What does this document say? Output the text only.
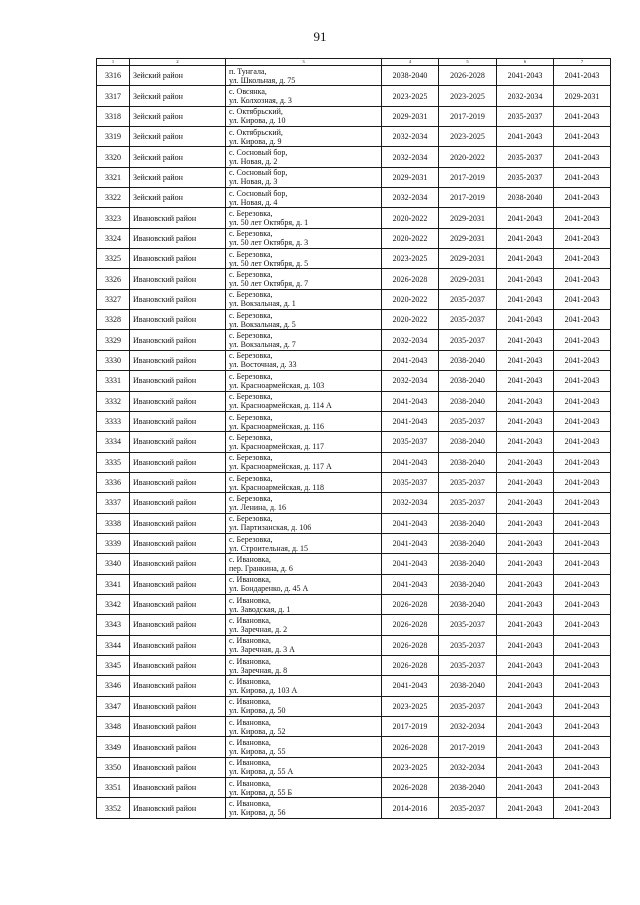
91
1	2	3	4	5	6	7
3316	Зейский район	п. Тунгала,
ул. Школьная, д. 75	2038-2040	2026-2028	2041-2043	2041-2043
3317	Зейский район	с. Овсянка,
ул. Колхозная, д. 3	2023-2025	2023-2025	2032-2034	2029-2031
3318	Зейский район	с. Октябрьский,
ул. Кирова, д. 10	2029-2031	2017-2019	2035-2037	2041-2043
3319	Зейский район	с. Октябрьский,
ул. Кирова, д. 9	2032-2034	2023-2025	2041-2043	2041-2043
3320	Зейский район	с. Сосновый бор,
ул. Новая, д. 2	2032-2034	2020-2022	2035-2037	2041-2043
3321	Зейский район	с. Сосновый бор,
ул. Новая, д. 3	2029-2031	2017-2019	2035-2037	2041-2043
3322	Зейский район	с. Сосновый бор,
ул. Новая, д. 4	2032-2034	2017-2019	2038-2040	2041-2043
3323	Ивановский район	с. Березовка,
ул. 50 лет Октября, д. 1	2020-2022	2029-2031	2041-2043	2041-2043
3324	Ивановский район	с. Березовка,
ул. 50 лет Октября, д. 3	2020-2022	2029-2031	2041-2043	2041-2043
3325	Ивановский район	с. Березовка,
ул. 50 лет Октября, д. 5	2023-2025	2029-2031	2041-2043	2041-2043
3326	Ивановский район	с. Березовка,
ул. 50 лет Октября, д. 7	2026-2028	2029-2031	2041-2043	2041-2043
3327	Ивановский район	с. Березовка,
ул. Вокзальная, д. 1	2020-2022	2035-2037	2041-2043	2041-2043
3328	Ивановский район	с. Березовка,
ул. Вокзальная, д. 5	2020-2022	2035-2037	2041-2043	2041-2043
3329	Ивановский район	с. Березовка,
ул. Вокзальная, д. 7	2032-2034	2035-2037	2041-2043	2041-2043
3330	Ивановский район	с. Березовка,
ул. Восточная, д. 33	2041-2043	2038-2040	2041-2043	2041-2043
3331	Ивановский район	с. Березовка,
ул. Красноармейская, д. 103	2032-2034	2038-2040	2041-2043	2041-2043
3332	Ивановский район	с. Березовка,
ул. Красноармейская, д. 114 А	2041-2043	2038-2040	2041-2043	2041-2043
3333	Ивановский район	с. Березовка,
ул. Красноармейская, д. 116	2041-2043	2035-2037	2041-2043	2041-2043
3334	Ивановский район	с. Березовка,
ул. Красноармейская, д. 117	2035-2037	2038-2040	2041-2043	2041-2043
3335	Ивановский район	с. Березовка,
ул. Красноармейская, д. 117 А	2041-2043	2038-2040	2041-2043	2041-2043
3336	Ивановский район	с. Березовка,
ул. Красноармейская, д. 118	2035-2037	2035-2037	2041-2043	2041-2043
3337	Ивановский район	с. Березовка,
ул. Ленина, д. 16	2032-2034	2035-2037	2041-2043	2041-2043
3338	Ивановский район	с. Березовка,
ул. Партизанская, д. 106	2041-2043	2038-2040	2041-2043	2041-2043
3339	Ивановский район	с. Березовка,
ул. Строительная, д. 15	2041-2043	2038-2040	2041-2043	2041-2043
3340	Ивановский район	с. Ивановка,
пер. Гранкина, д. 6	2041-2043	2038-2040	2041-2043	2041-2043
3341	Ивановский район	с. Ивановка,
ул. Бондаренко, д. 45 А	2041-2043	2038-2040	2041-2043	2041-2043
3342	Ивановский район	с. Ивановка,
ул. Заводская, д. 1	2026-2028	2038-2040	2041-2043	2041-2043
3343	Ивановский район	с. Ивановка,
ул. Заречная, д. 2	2026-2028	2035-2037	2041-2043	2041-2043
3344	Ивановский район	с. Ивановка,
ул. Заречная, д. 3 А	2026-2028	2035-2037	2041-2043	2041-2043
3345	Ивановский район	с. Ивановка,
ул. Заречная, д. 8	2026-2028	2035-2037	2041-2043	2041-2043
3346	Ивановский район	с. Ивановка,
ул. Кирова, д. 103 А	2041-2043	2038-2040	2041-2043	2041-2043
3347	Ивановский район	с. Ивановка,
ул. Кирова, д. 50	2023-2025	2035-2037	2041-2043	2041-2043
3348	Ивановский район	с. Ивановка,
ул. Кирова, д. 52	2017-2019	2032-2034	2041-2043	2041-2043
3349	Ивановский район	с. Ивановка,
ул. Кирова, д. 55	2026-2028	2017-2019	2041-2043	2041-2043
3350	Ивановский район	с. Ивановка,
ул. Кирова, д. 55 А	2023-2025	2032-2034	2041-2043	2041-2043
3351	Ивановский район	с. Ивановка,
ул. Кирова, д. 55 Б	2026-2028	2038-2040	2041-2043	2041-2043
3352	Ивановский район	с. Ивановка,
ул. Кирова, д. 56	2014-2016	2035-2037	2041-2043	2041-2043
